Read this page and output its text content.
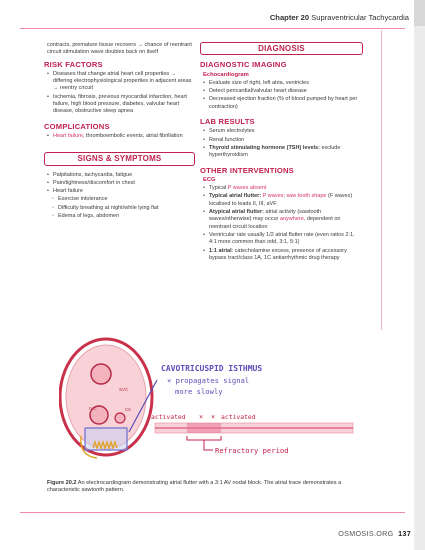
Chapter 20 Supraventricular Tachycardia
contracts, premature tissue recovers → chance of reentrant circuit stimulation wave doubles back on itself
RISK FACTORS
• Diseases that change atrial heart cell properties → differing electrophysiological properties in adjacent areas → reentry circuit
• Ischemia, fibrosis, previous myocardial infarction, heart failure, high blood pressure, diabetes, valvular heart disease, obstructive sleep apnea
COMPLICATIONS
• Heart failure, thromboembolic events, atrial fibrillation
SIGNS & SYMPTOMS
• Palpitations, tachycardia, fatigue
• Pain/tightness/discomfort in chest
• Heart failure
◦ Exercise intolerance
◦ Difficulty breathing at night/while lying flat
◦ Edema of legs, abdomen
DIAGNOSIS
DIAGNOSTIC IMAGING
Echocardiogram
• Evaluate size of right, left atria, ventricles
• Detect pericardial/valvular heart disease
• Decreased ejection fraction (% of blood pumped by heart per contraction)
LAB RESULTS
• Serum electrolytes
• Renal function
• Thyroid stimulating hormone (TSH) levels: exclude hyperthyroidism
OTHER INTERVENTIONS
ECG
• Typical P waves absent
• Typical atrial flutter: P waves; saw tooth shape (F waves) localised to leads II, III, aVF
• Atypical atrial flutter: atrial activity (sawtooth waves/otherwise) may occur anywhere, dependent on reentrant circuit location
• Ventricular rate usually 1/2 atrial flutter rate (even ratios 2:1, 4:1 more common than odd, 3:1, 5:1)
• 1:1 atrial: catecholamine excess, presence of accessory bypass tract/class 1A, 1C antiarrhythmic drug therapy
SVC
IVC	CS
CAVOTRICUSPID ISTHMUS
× propagates signal
more slowly
activated × × activated
Refractory period
Figure 20.2 An electrocardiogram demonstrating atrial flutter with a 3:1 AV nodal block. The atrial trace demonstrates a characteristic sawtooth pattern.
OSMOSIS.ORG 137
